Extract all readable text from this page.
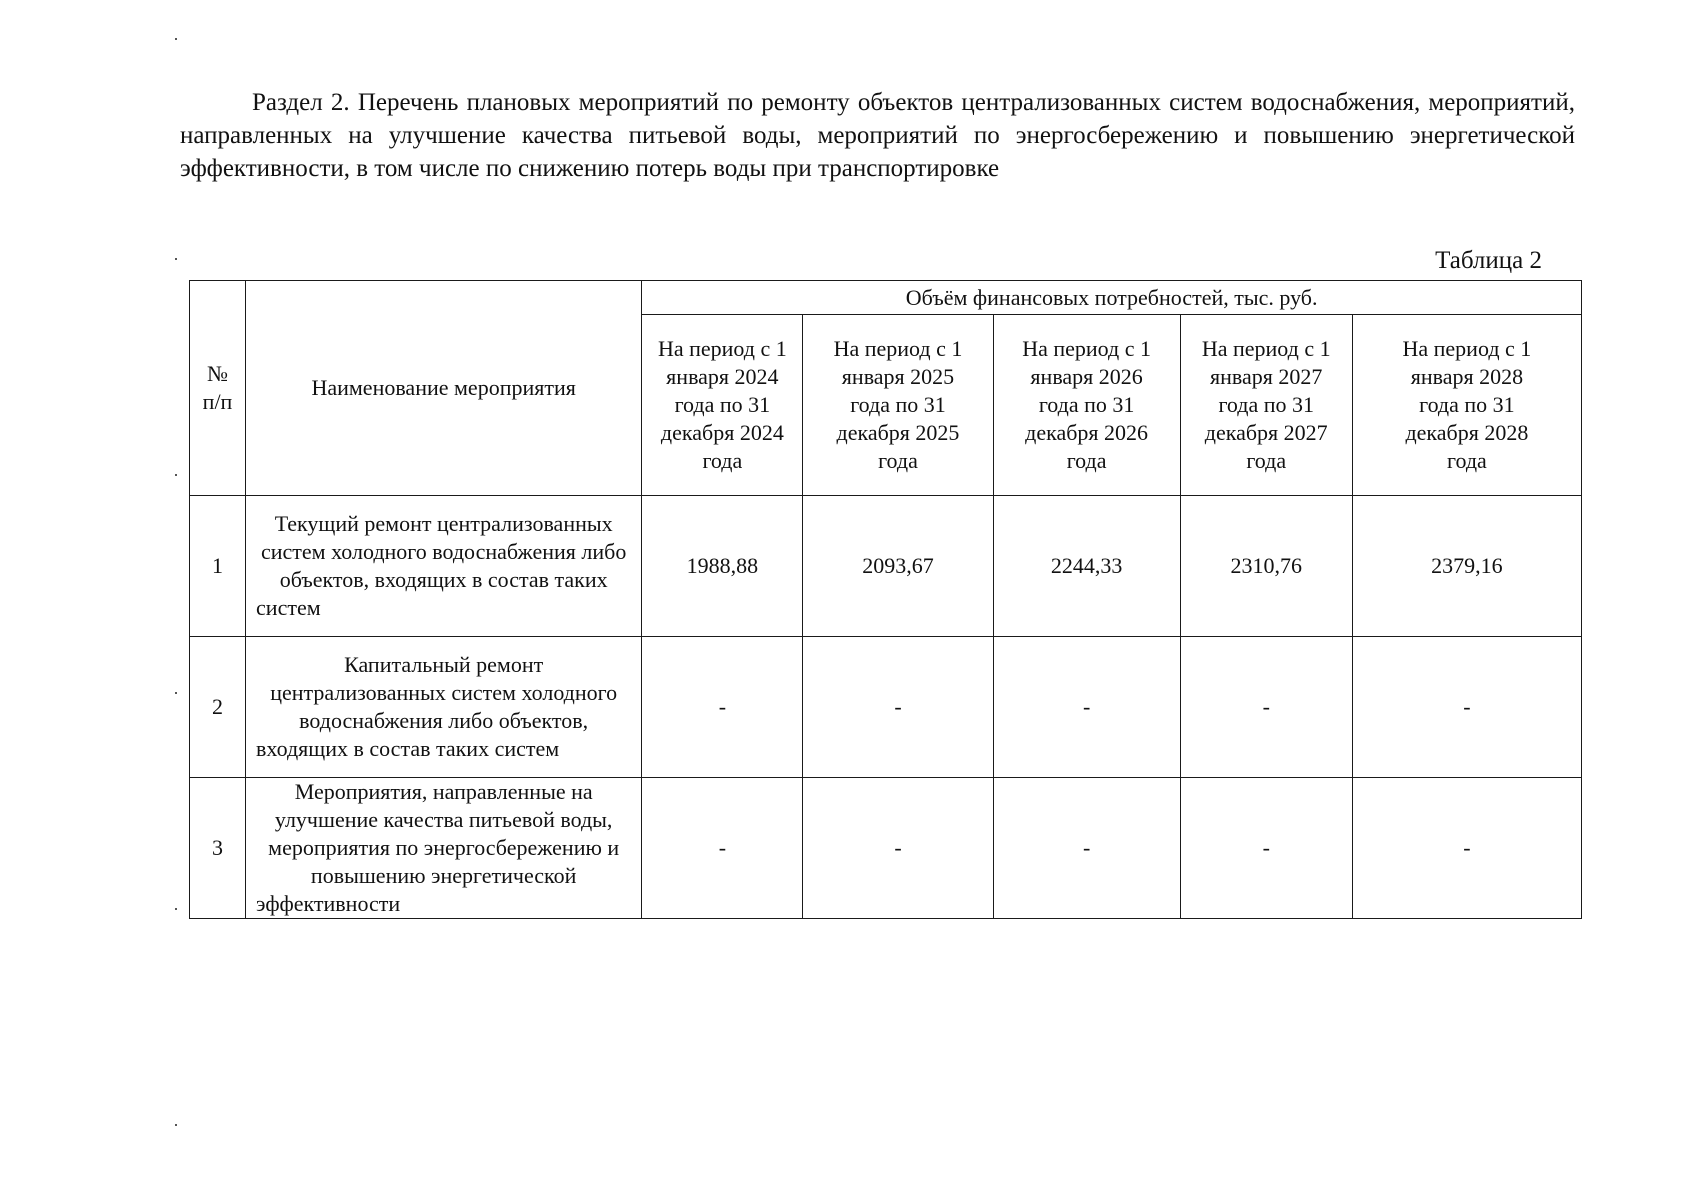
Раздел 2. Перечень плановых мероприятий по ремонту объектов централизованных систем водоснабжения, мероприятий, направленных на улучшение качества питьевой воды, мероприятий по энергосбережению и повышению энергетической эффективности, в том числе по снижению потерь воды при транспортировке

Таблица 2

№
п/п	Наименование мероприятия	Объём финансовых потребностей, тыс. руб.				
		На период с 1 января 2024 года по 31 декабря 2024 года	На период с 1 января 2025 года по 31 декабря 2025 года	На период с 1 января 2026 года по 31 декабря 2026 года	На период с 1 января 2027 года по 31 декабря 2027 года	На период с 1 января 2028 года по 31 декабря 2028 года
1	Текущий ремонт централизованных систем холодного водоснабжения либо объектов, входящих в состав таких систем	1988,88	2093,67	2244,33	2310,76	2379,16
2	Капитальный ремонт централизованных систем холодного водоснабжения либо объектов, входящих в состав таких систем	-	-	-	-	-
3	Мероприятия, направленные на улучшение качества питьевой воды, мероприятия по энергосбережению и повышению энергетической эффективности	-	-	-	-	-
